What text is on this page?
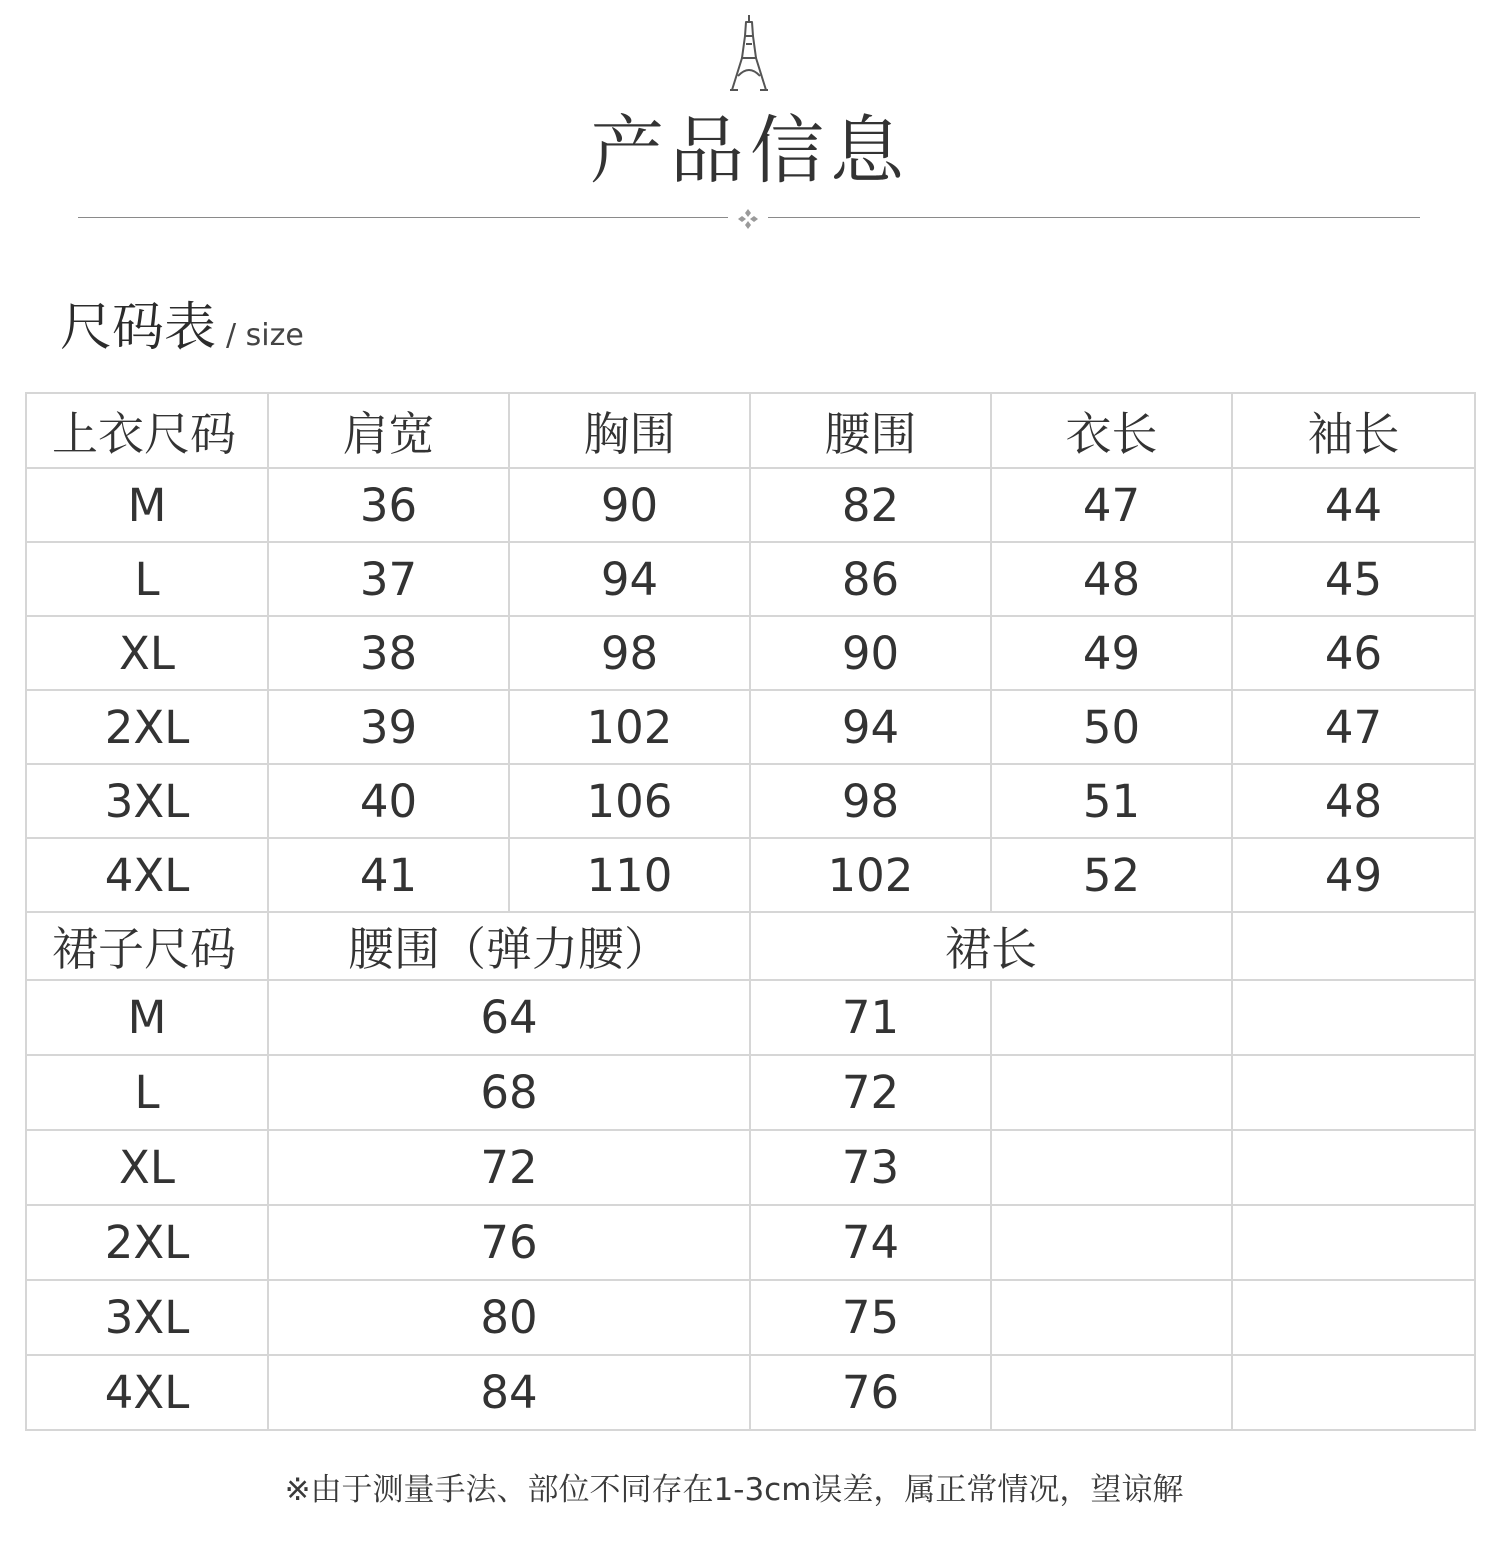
产品信息
尺码表 / size
上衣尺码	肩宽	胸围	腰围	衣长	袖长
M	36	90	82	47	44
L	37	94	86	48	45
XL	38	98	90	49	46
2XL	39	102	94	50	47
3XL	40	106	98	51	48
4XL	41	110	102	52	49
裙子尺码	腰围（弹力腰）		裙长		
M	64		71		
L	68		72		
XL	72		73		
2XL	76		74		
3XL	80		75		
4XL	84		76		
※由于测量手法、部位不同存在1-3cm误差，属正常情况，望谅解
